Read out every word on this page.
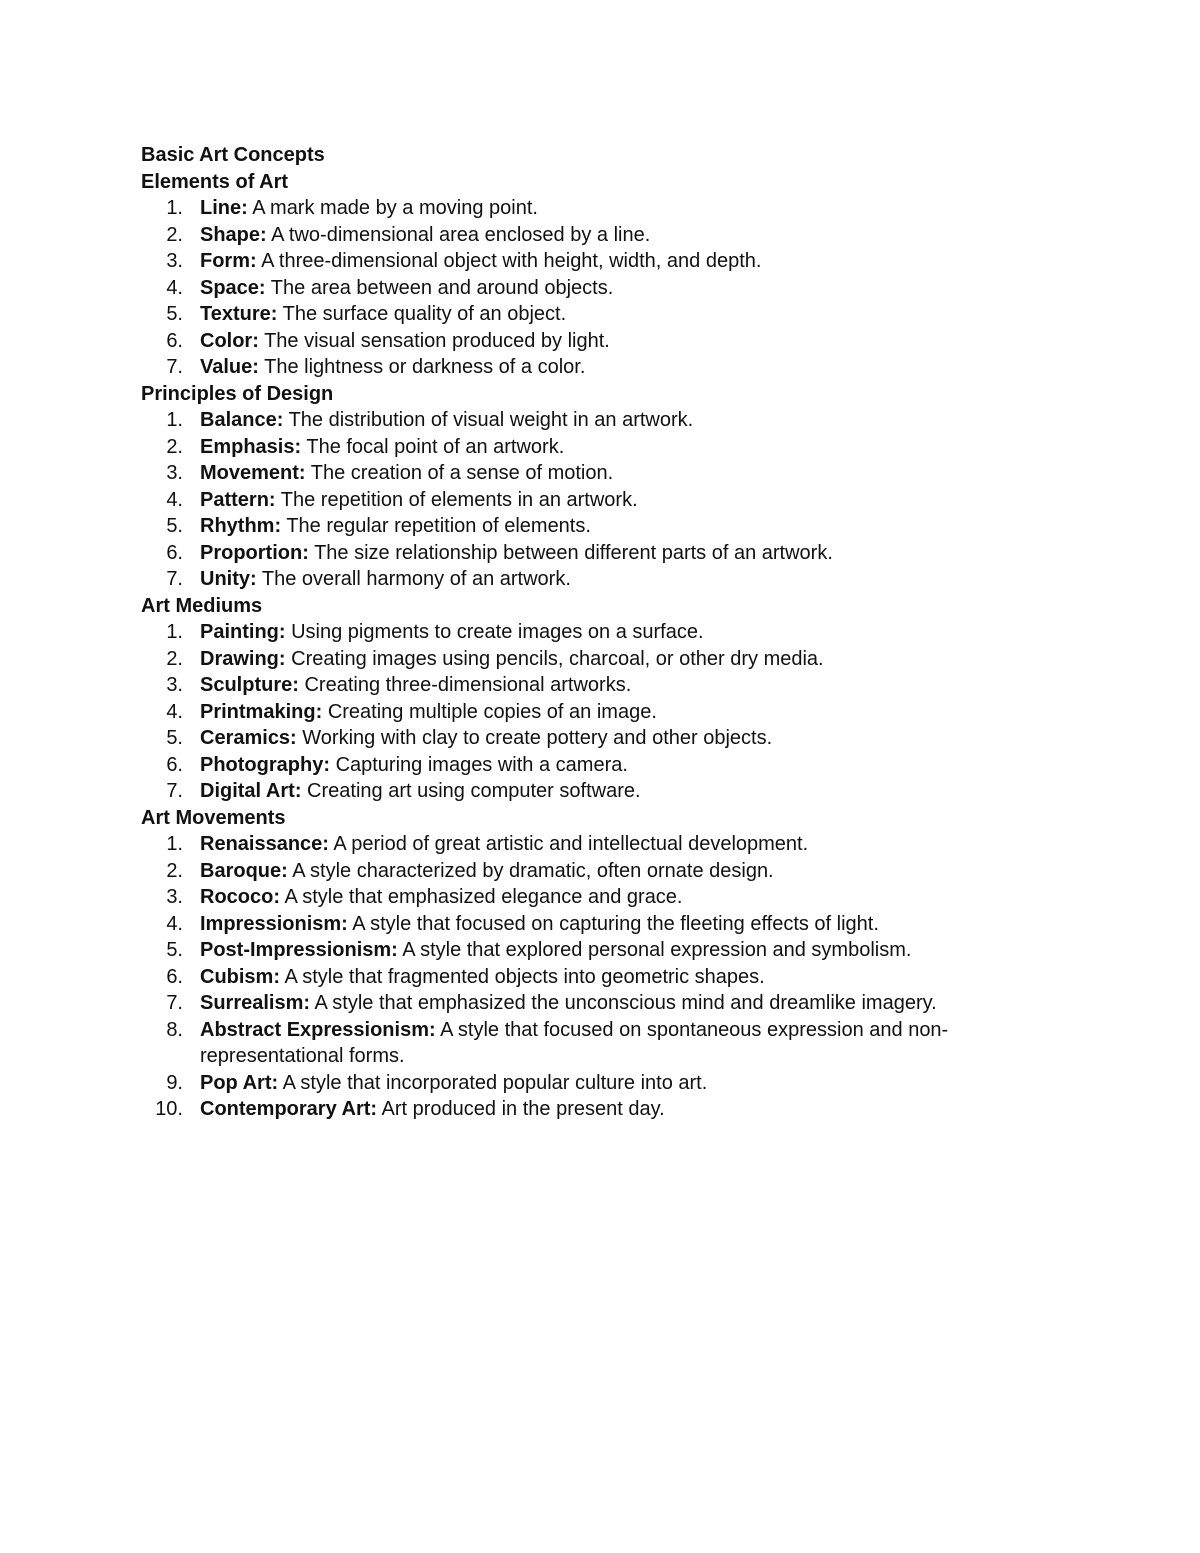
Basic Art Concepts
Elements of Art
1. Line: A mark made by a moving point.
2. Shape: A two-dimensional area enclosed by a line.
3. Form: A three-dimensional object with height, width, and depth.
4. Space: The area between and around objects.
5. Texture: The surface quality of an object.
6. Color: The visual sensation produced by light.
7. Value: The lightness or darkness of a color.
Principles of Design
1. Balance: The distribution of visual weight in an artwork.
2. Emphasis: The focal point of an artwork.
3. Movement: The creation of a sense of motion.
4. Pattern: The repetition of elements in an artwork.
5. Rhythm: The regular repetition of elements.
6. Proportion: The size relationship between different parts of an artwork.
7. Unity: The overall harmony of an artwork.
Art Mediums
1. Painting: Using pigments to create images on a surface.
2. Drawing: Creating images using pencils, charcoal, or other dry media.
3. Sculpture: Creating three-dimensional artworks.
4. Printmaking: Creating multiple copies of an image.
5. Ceramics: Working with clay to create pottery and other objects.
6. Photography: Capturing images with a camera.
7. Digital Art: Creating art using computer software.
Art Movements
1. Renaissance: A period of great artistic and intellectual development.
2. Baroque: A style characterized by dramatic, often ornate design.
3. Rococo: A style that emphasized elegance and grace.
4. Impressionism: A style that focused on capturing the fleeting effects of light.
5. Post-Impressionism: A style that explored personal expression and symbolism.
6. Cubism: A style that fragmented objects into geometric shapes.
7. Surrealism: A style that emphasized the unconscious mind and dreamlike imagery.
8. Abstract Expressionism: A style that focused on spontaneous expression and non-representational forms.
9. Pop Art: A style that incorporated popular culture into art.
10. Contemporary Art: Art produced in the present day.
